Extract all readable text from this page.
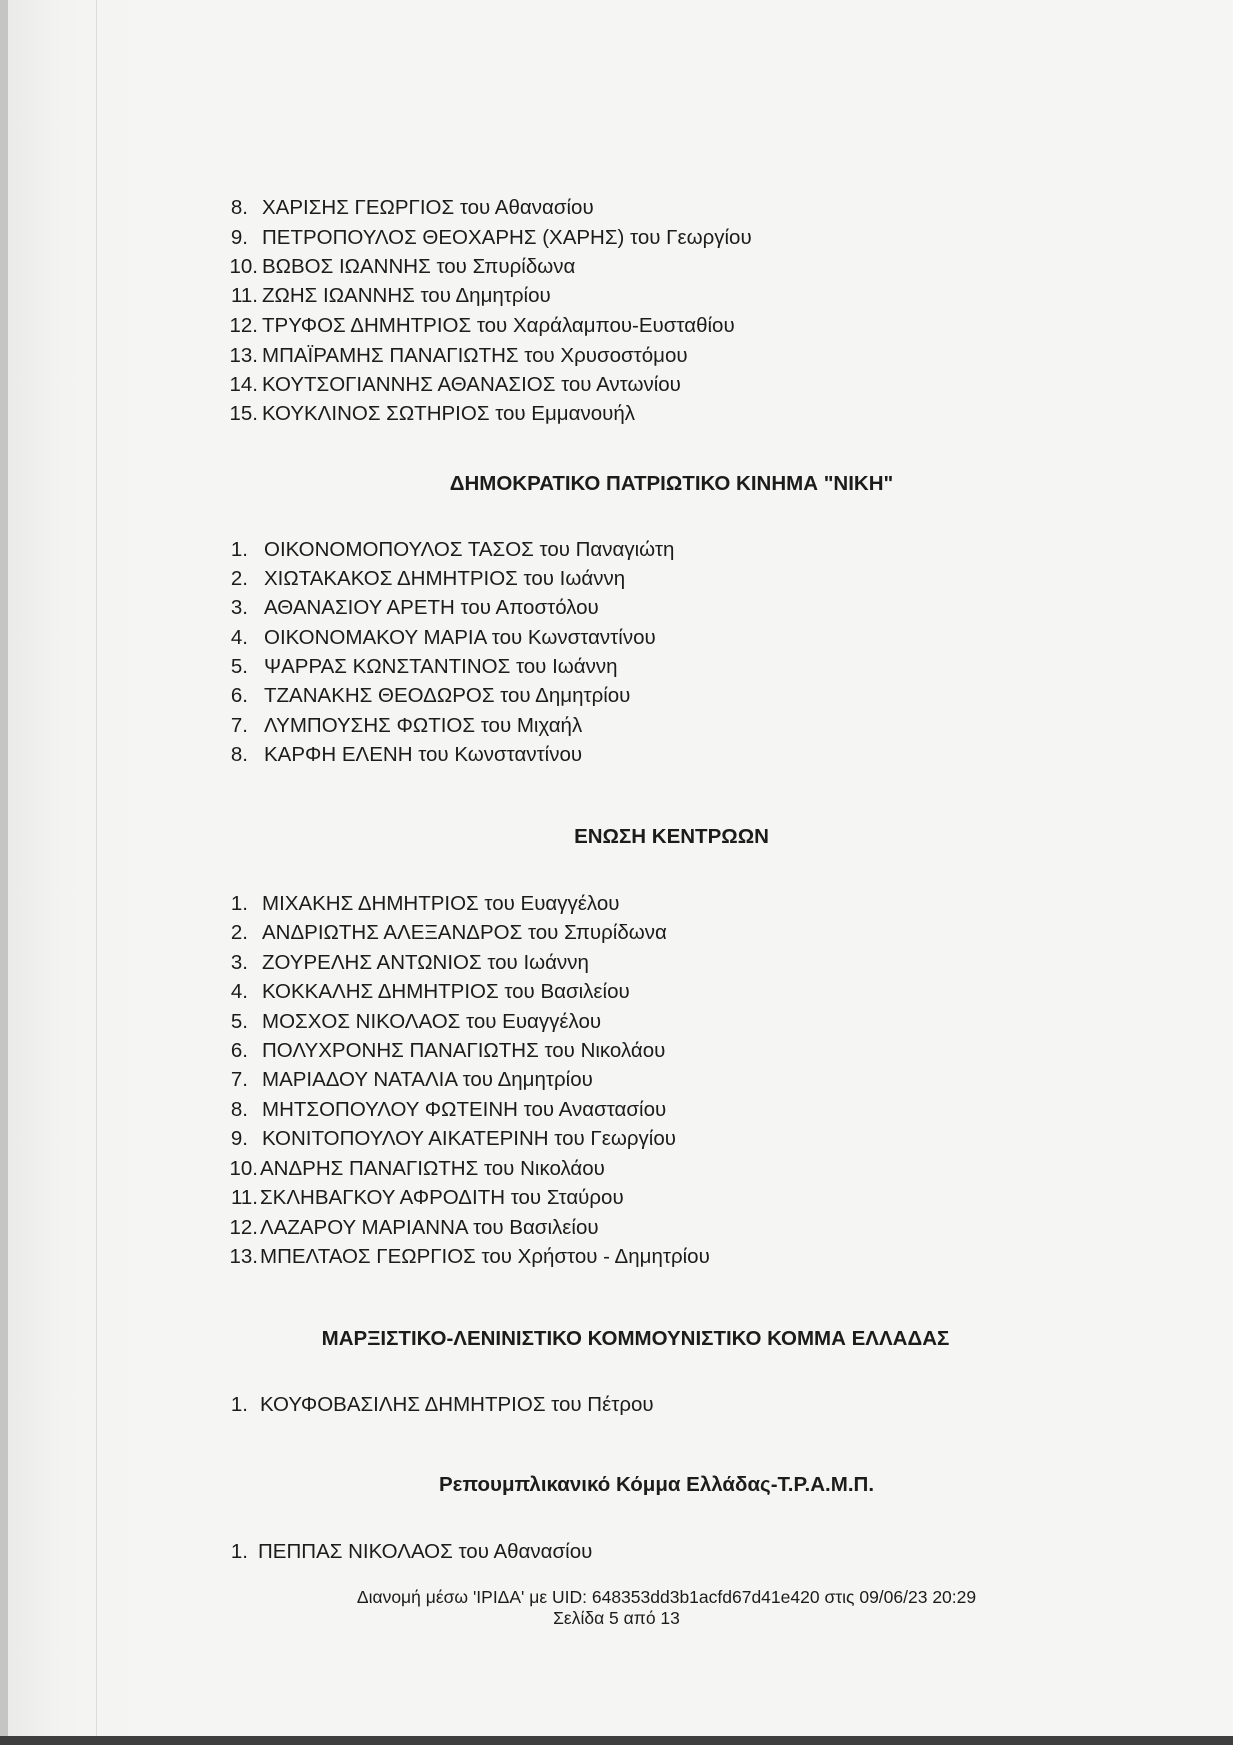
8. ΧΑΡΙΣΗΣ ΓΕΩΡΓΙΟΣ του Αθανασίου
9. ΠΕΤΡΟΠΟΥΛΟΣ ΘΕΟΧΑΡΗΣ (ΧΑΡΗΣ) του Γεωργίου
10. ΒΩΒΟΣ ΙΩΑΝΝΗΣ του Σπυρίδωνα
11. ΖΩΗΣ ΙΩΑΝΝΗΣ του Δημητρίου
12. ΤΡΥΦΟΣ ΔΗΜΗΤΡΙΟΣ του Χαράλαμπου-Ευσταθίου
13. ΜΠΑΪΡΑΜΗΣ ΠΑΝΑΓΙΩΤΗΣ του Χρυσοστόμου
14. ΚΟΥΤΣΟΓΙΑΝΝΗΣ ΑΘΑΝΑΣΙΟΣ του Αντωνίου
15. ΚΟΥΚΛΙΝΟΣ ΣΩΤΗΡΙΟΣ του Εμμανουήλ
ΔΗΜΟΚΡΑΤΙΚΟ ΠΑΤΡΙΩΤΙΚΟ ΚΙΝΗΜΑ "ΝΙΚΗ"
1. ΟΙΚΟΝΟΜΟΠΟΥΛΟΣ ΤΑΣΟΣ του Παναγιώτη
2. ΧΙΩΤΑΚΑΚΟΣ ΔΗΜΗΤΡΙΟΣ του Ιωάννη
3. ΑΘΑΝΑΣΙΟΥ ΑΡΕΤΗ του Αποστόλου
4. ΟΙΚΟΝΟΜΑΚΟΥ ΜΑΡΙΑ του Κωνσταντίνου
5. ΨΑΡΡΑΣ ΚΩΝΣΤΑΝΤΙΝΟΣ του Ιωάννη
6. ΤΖΑΝΑΚΗΣ ΘΕΟΔΩΡΟΣ του Δημητρίου
7. ΛΥΜΠΟΥΣΗΣ ΦΩΤΙΟΣ του Μιχαήλ
8. ΚΑΡΦΗ ΕΛΕΝΗ του Κωνσταντίνου
ΕΝΩΣΗ ΚΕΝΤΡΩΩΝ
1. ΜΙΧΑΚΗΣ ΔΗΜΗΤΡΙΟΣ του Ευαγγέλου
2. ΑΝΔΡΙΩΤΗΣ ΑΛΕΞΑΝΔΡΟΣ του Σπυρίδωνα
3. ΖΟΥΡΕΛΗΣ ΑΝΤΩΝΙΟΣ του Ιωάννη
4. ΚΟΚΚΑΛΗΣ ΔΗΜΗΤΡΙΟΣ του Βασιλείου
5. ΜΟΣΧΟΣ ΝΙΚΟΛΑΟΣ του Ευαγγέλου
6. ΠΟΛΥΧΡΟΝΗΣ ΠΑΝΑΓΙΩΤΗΣ του Νικολάου
7. ΜΑΡΙΑΔΟΥ ΝΑΤΑΛΙΑ του Δημητρίου
8. ΜΗΤΣΟΠΟΥΛΟΥ ΦΩΤΕΙΝΗ του Αναστασίου
9. ΚΟΝΙΤΟΠΟΥΛΟΥ ΑΙΚΑΤΕΡΙΝΗ του Γεωργίου
10. ΑΝΔΡΗΣ ΠΑΝΑΓΙΩΤΗΣ του Νικολάου
11. ΣΚΛΗΒΑΓΚΟΥ ΑΦΡΟΔΙΤΗ του Σταύρου
12. ΛΑΖΑΡΟΥ ΜΑΡΙΑΝΝΑ του Βασιλείου
13. ΜΠΕΛΤΑΟΣ ΓΕΩΡΓΙΟΣ του Χρήστου - Δημητρίου
ΜΑΡΞΙΣΤΙΚΟ-ΛΕΝΙΝΙΣΤΙΚΟ ΚΟΜΜΟΥΝΙΣΤΙΚΟ ΚΟΜΜΑ ΕΛΛΑΔΑΣ
1. ΚΟΥΦΟΒΑΣΙΛΗΣ ΔΗΜΗΤΡΙΟΣ του Πέτρου
Ρεπουμπλικανικό Κόμμα Ελλάδας-Τ.Ρ.Α.Μ.Π.
1. ΠΕΠΠΑΣ ΝΙΚΟΛΑΟΣ του Αθανασίου
Διανομή μέσω 'ΙΡΙΔΑ' με UID: 648353dd3b1acfd67d41e420 στις 09/06/23 20:29
Σελίδα 5 από 13
